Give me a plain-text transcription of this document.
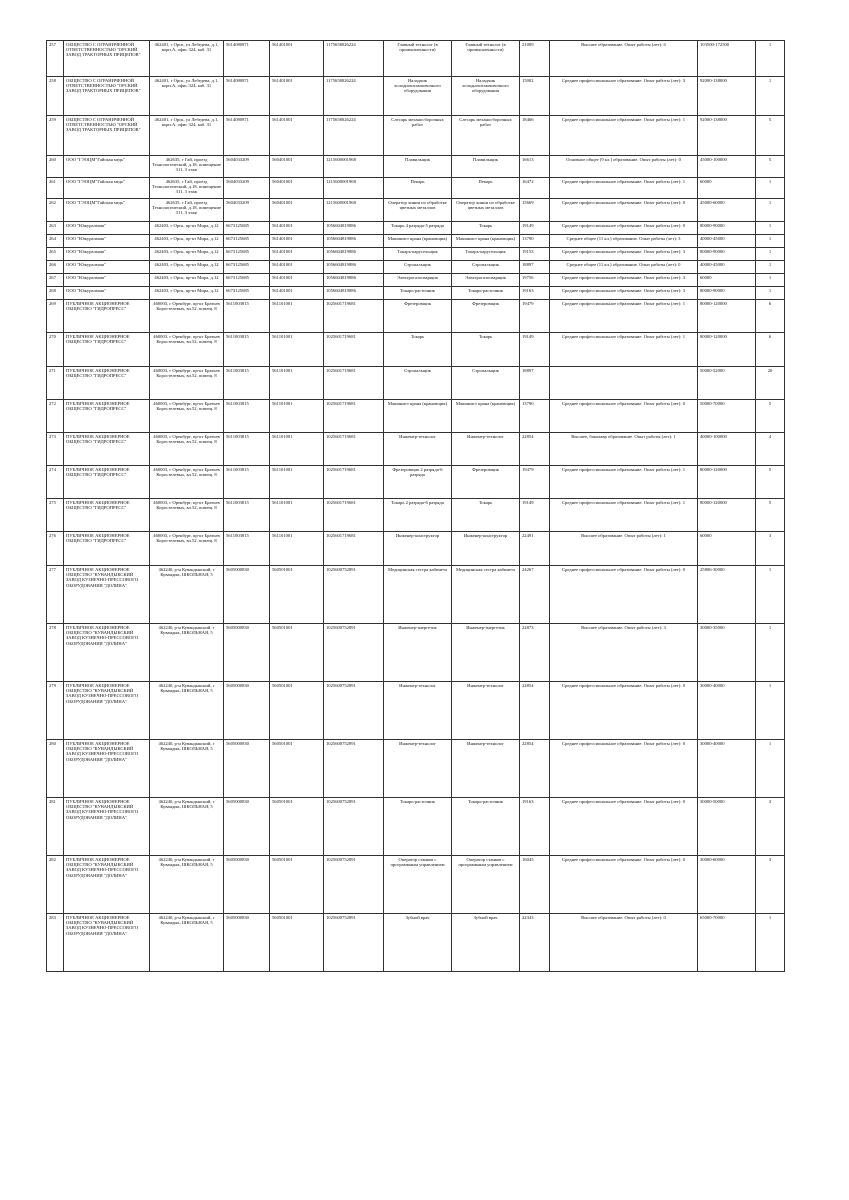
257	ОБЩЕСТВО С ОГРАНИЧЕННОЙ ОТВЕТСТВЕННОСТЬЮ "ОРСКИЙ ЗАВОД ТРАКТОРНЫХ ПРИЦЕПОВ"	462401, г Орск, ул Лебедева, д.1, корп.А, офис 324, каб. 31	5614080871	561401001	1175658026224	Главный технолог (в промышленности)	Главный технолог (в промышленности)	21009	Высшее образование. Опыт работы (лет): 6	103500-172500	1
258	ОБЩЕСТВО С ОГРАНИЧЕННОЙ ОТВЕТСТВЕННОСТЬЮ "ОРСКИЙ ЗАВОД ТРАКТОРНЫХ ПРИЦЕПОВ"	462401, г Орск, ул Лебедева, д.1, корп.А, офис 324, каб. 31	5614080871	561401001	1175658026224	Наладчик холодноштамповочного оборудования	Наладчик холодноштамповочного оборудования	15002	Среднее профессиональное образование. Опыт работы (лет): 3	92000-138000	1
259	ОБЩЕСТВО С ОГРАНИЧЕННОЙ ОТВЕТСТВЕННОСТЬЮ "ОРСКИЙ ЗАВОД ТРАКТОРНЫХ ПРИЦЕПОВ"	462401, г Орск, ул Лебедева, д.1, корп.А, офис 324, каб. 31	5614080871	561401001	1175658026224	Слесарь механосборочных работ	Слесарь механосборочных работ	18466	Среднее профессиональное образование. Опыт работы (лет): 1	92000-138000	5
260	ООО "ГЭОЦМ"Гайская медь"	462635, г Гай, проезд Технологический, д.18, помещение 311, 3 этаж	5604033209	560401001	1215600001968	Плавильщик	Плавильщик	16613	Основное общее (9 кл.) образование. Опыт работы (лет): 0	45000-100000	5
261	ООО "ГЭОЦМ"Гайская медь"	462635, г Гай, проезд Технологический, д.18, помещение 311, 3 этаж	5604033209	560401001	1215600001968	Пекарь	Пекарь	16472	Среднее профессиональное образование. Опыт работы (лет): 1	60000	1
262	ООО "ГЭОЦМ"Гайская медь"	462635, г Гай, проезд Технологический, д.18, помещение 311, 3 этаж	5604033209	560401001	1215600001968	Оператор линии по обработке цветных металлов	Оператор линии по обработке цветных металлов	15669	Среднее профессиональное образование. Опыт работы (лет): 0	45000-60000	1
263	ООО "Южуралмаш"	462403, г Орск, пр-кт Мира, д.12	6673125685	561401001	1056604819886	Токарь 4 разряда-5 разряда	Токарь	19149	Среднее профессиональное образование. Опыт работы (лет): 0	80000-90000	1
264	ООО "Южуралмаш"	462403, г Орск, пр-кт Мира, д.12	6673125685	561401001	1056604819886	Машинист крана (крановщик)	Машинист крана (крановщик)	13790	Среднее общее (11 кл.) образование. Опыт работы (лет): 3	40000-45000	1
265	ООО "Южуралмаш"	462403, г Орск, пр-кт Мира, д.12	6673125685	561401001	1056604819886	Токарь-карусельщик	Токарь-карусельщик	19153	Среднее профессиональное образование. Опыт работы (лет): 3	80000-90000	1
266	ООО "Южуралмаш"	462403, г Орск, пр-кт Мира, д.12	6673125685	561401001	1056604819886	Стропальщик	Стропальщик	18897	Среднее общее (11 кл.) образование. Опыт работы (лет): 0	40000-45000	1
267	ООО "Южуралмаш"	462403, г Орск, пр-кт Мира, д.12	6673125685	561401001	1056604819886	Электрогазосварщик	Электрогазосварщик	19756	Среднее профессиональное образование. Опыт работы (лет): 3	60000	1
268	ООО "Южуралмаш"	462403, г Орск, пр-кт Мира, д.12	6673125685	561401001	1056604819886	Токарь-расточник	Токарь-расточник	19163	Среднее профессиональное образование. Опыт работы (лет): 3	80000-90000	1
269	ПУБЛИЧНОЕ АКЦИОНЕРНОЕ ОБЩЕСТВО "ГИДРОПРЕСС"	460003, г Оренбург, пр-кт Братьев Коростелевых, вл.52, помещ. 8	5611003815	561101001	1025601719681	Фрезеровщик	Фрезеровщик	19479	Среднее профессиональное образование. Опыт работы (лет): 1	80000-120000	6
270	ПУБЛИЧНОЕ АКЦИОНЕРНОЕ ОБЩЕСТВО "ГИДРОПРЕСС"	460003, г Оренбург, пр-кт Братьев Коростелевых, вл.52, помещ. 8	5611003815	561101001	1025601719681	Токарь	Токарь	19149	Среднее профессиональное образование. Опыт работы (лет): 1	80000-120000	6
271	ПУБЛИЧНОЕ АКЦИОНЕРНОЕ ОБЩЕСТВО "ГИДРОПРЕСС"	460003, г Оренбург, пр-кт Братьев Коростелевых, вл.52, помещ. 8	5611003815	561101001	1025601719681	Стропальщик	Стропальщик	18897		50000-52000	20
272	ПУБЛИЧНОЕ АКЦИОНЕРНОЕ ОБЩЕСТВО "ГИДРОПРЕСС"	460003, г Оренбург, пр-кт Братьев Коростелевых, вл.52, помещ. 8	5611003815	561101001	1025601719681	Машинист крана (крановщик)	Машинист крана (крановщик)	13790	Среднее профессиональное образование. Опыт работы (лет): 0	50000-70000	5
273	ПУБЛИЧНОЕ АКЦИОНЕРНОЕ ОБЩЕСТВО "ГИДРОПРЕСС"	460003, г Оренбург, пр-кт Братьев Коростелевых, вл.52, помещ. 8	5611003815	561101001	1025601719681	Инженер-технолог	Инженер-технолог	22854	Высшее, бакалавр образование. Опыт работы (лет): 1	40000-100000	4
274	ПУБЛИЧНОЕ АКЦИОНЕРНОЕ ОБЩЕСТВО "ГИДРОПРЕСС"	460003, г Оренбург, пр-кт Братьев Коростелевых, вл.52, помещ. 8	5611003815	561101001	1025601719681	Фрезеровщик 2 разряда-6 разряда	Фрезеровщик	19479	Среднее профессиональное образование. Опыт работы (лет): 1	80000-120000	5
275	ПУБЛИЧНОЕ АКЦИОНЕРНОЕ ОБЩЕСТВО "ГИДРОПРЕСС"	460003, г Оренбург, пр-кт Братьев Коростелевых, вл.52, помещ. 8	5611003815	561101001	1025601719681	Токарь 2 разряда-6 разряда	Токарь	19149	Среднее профессиональное образование. Опыт работы (лет): 1	80000-120000	5
276	ПУБЛИЧНОЕ АКЦИОНЕРНОЕ ОБЩЕСТВО "ГИДРОПРЕСС"	460003, г Оренбург, пр-кт Братьев Коростелевых, вл.52, помещ. 8	5611003815	561101001	1025601719681	Инженер-конструктор	Инженер-конструктор	22491	Высшее образование. Опыт работы (лет): 1	60000	3
277	ПУБЛИЧНОЕ АКЦИОНЕРНОЕ ОБЩЕСТВО "КУВАНДЫКСКИЙ ЗАВОД КУЗНЕЧНО-ПРЕССОВОГО ОБОРУДОВАНИЯ "ДОЛИНА"	462240, р-н Кувандыкский, г Кувандык, ШКОЛЬНАЯ, 5	5605000830	560501001	1025600752891	Медицинская сестра кабинета	Медицинская сестра кабинета	24267	Среднее профессиональное образование. Опыт работы (лет): 0	25806-30000	1
278	ПУБЛИЧНОЕ АКЦИОНЕРНОЕ ОБЩЕСТВО "КУВАНДЫКСКИЙ ЗАВОД КУЗНЕЧНО-ПРЕССОВОГО ОБОРУДОВАНИЯ "ДОЛИНА"	462240, р-н Кувандыкский, г Кувандык, ШКОЛЬНАЯ, 5	5605000830	560501001	1025600752891	Инженер-энергетик	Инженер-энергетик	22873	Высшее образование. Опыт работы (лет): 3	30000-35000	1
279	ПУБЛИЧНОЕ АКЦИОНЕРНОЕ ОБЩЕСТВО "КУВАНДЫКСКИЙ ЗАВОД КУЗНЕЧНО-ПРЕССОВОГО ОБОРУДОВАНИЯ "ДОЛИНА"	462240, р-н Кувандыкский, г Кувандык, ШКОЛЬНАЯ, 5	5605000830	560501001	1025600752891	Инженер-технолог	Инженер-технолог	22854	Среднее профессиональное образование. Опыт работы (лет): 0	30000-40000	1
280	ПУБЛИЧНОЕ АКЦИОНЕРНОЕ ОБЩЕСТВО "КУВАНДЫКСКИЙ ЗАВОД КУЗНЕЧНО-ПРЕССОВОГО ОБОРУДОВАНИЯ "ДОЛИНА"	462240, р-н Кувандыкский, г Кувандык, ШКОЛЬНАЯ, 5	5605000830	560501001	1025600752891	Инженер-технолог	Инженер-технолог	22854	Среднее профессиональное образование. Опыт работы (лет): 0	30000-40000	1
281	ПУБЛИЧНОЕ АКЦИОНЕРНОЕ ОБЩЕСТВО "КУВАНДЫКСКИЙ ЗАВОД КУЗНЕЧНО-ПРЕССОВОГО ОБОРУДОВАНИЯ "ДОЛИНА"	462240, р-н Кувандыкский, г Кувандык, ШКОЛЬНАЯ, 5	5605000830	560501001	1025600752891	Токарь-расточник	Токарь-расточник	19163	Среднее профессиональное образование. Опыт работы (лет): 0	30000-50000	3
282	ПУБЛИЧНОЕ АКЦИОНЕРНОЕ ОБЩЕСТВО "КУВАНДЫКСКИЙ ЗАВОД КУЗНЕЧНО-ПРЕССОВОГО ОБОРУДОВАНИЯ "ДОЛИНА"	462240, р-н Кувандыкский, г Кувандык, ШКОЛЬНАЯ, 5	5605000830	560501001	1025600752891	Оператор станков с программным управлением	Оператор станков с программным управлением	16045	Среднее профессиональное образование. Опыт работы (лет): 0	30000-60000	3
283	ПУБЛИЧНОЕ АКЦИОНЕРНОЕ ОБЩЕСТВО "КУВАНДЫКСКИЙ ЗАВОД КУЗНЕЧНО-ПРЕССОВОГО ОБОРУДОВАНИЯ "ДОЛИНА"	462240, р-н Кувандыкский, г Кувандык, ШКОЛЬНАЯ, 5	5605000830	560501001	1025600752891	Зубной врач	Зубной врач	22343	Высшее образование. Опыт работы (лет): 0	65000-70000	1
